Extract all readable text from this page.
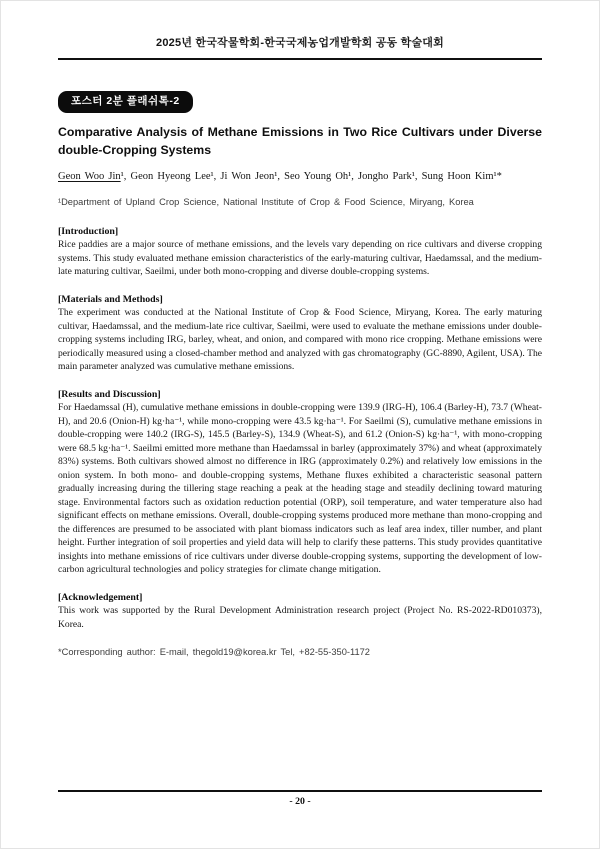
2025년 한국작물학회-한국국제농업개발학회 공동 학술대회
포스터 2분 플래쉬톡-2
Comparative Analysis of Methane Emissions in Two Rice Cultivars under Diverse double-Cropping Systems

Geon Woo Jin¹, Geon Hyeong Lee¹, Ji Won Jeon¹, Seo Young Oh¹, Jongho Park¹, Sung Hoon Kim¹*

¹Department of Upland Crop Science, National Institute of Crop & Food Science, Miryang, Korea

[Introduction]

Rice paddies are a major source of methane emissions, and the levels vary depending on rice cultivars and diverse cropping systems. This study evaluated methane emission characteristics of the early-maturing cultivar, Haedamssal, and the medium-late maturing cultivar, Saeilmi, under both mono-cropping and diverse double-cropping systems.

[Materials and Methods]

The experiment was conducted at the National Institute of Crop & Food Science, Miryang, Korea. The early maturing cultivar, Haedamssal, and the medium-late rice cultivar, Saeilmi, were used to evaluate the methane emissions under double-cropping systems including IRG, barley, wheat, and onion, and compared with mono rice cropping. Methane emissions were periodically measured using a closed-chamber method and analyzed with gas chromatography (GC-8890, Agilent, USA). The main parameter analyzed was cumulative methane emissions.

[Results and Discussion]

For Haedamssal (H), cumulative methane emissions in double-cropping were 139.9 (IRG-H), 106.4 (Barley-H), 73.7 (Wheat-H), and 20.6 (Onion-H) kg·ha⁻¹, while mono-cropping were 43.5 kg·ha⁻¹. For Saeilmi (S), cumulative methane emissions in double-cropping were 140.2 (IRG-S), 145.5 (Barley-S), 134.9 (Wheat-S), and 61.2 (Onion-S) kg·ha⁻¹, with mono-cropping were 68.5 kg·ha⁻¹. Saeilmi emitted more methane than Haedamssal in barley (approximately 37%) and wheat (approximately 83%) systems. Both cultivars showed almost no difference in IRG (approximately 0.2%) and relatively low emissions in the onion system. In both mono- and double-cropping systems, Methane fluxes exhibited a characteristic seasonal pattern gradually increasing during the tillering stage reaching a peak at the heading stage and steadily declining toward maturing stage. Environmental factors such as oxidation reduction potential (ORP), soil temperature, and water temperature also had significant effects on methane emissions. Overall, double-cropping systems produced more methane than mono-cropping and the differences are presumed to be associated with plant biomass indicators such as leaf area index, tiller number, and plant height. Further integration of soil properties and yield data will help to clarify these patterns. This study provides quantitative insights into methane emissions of rice cultivars under diverse double-cropping systems, supporting the development of low-carbon agricultural technologies and policy strategies for climate change mitigation.

[Acknowledgement]

This work was supported by the Rural Development Administration research project (Project No. RS-2022-RD010373), Korea.

*Corresponding author: E-mail, thegold19@korea.kr Tel, +82-55-350-1172

- 20 -
